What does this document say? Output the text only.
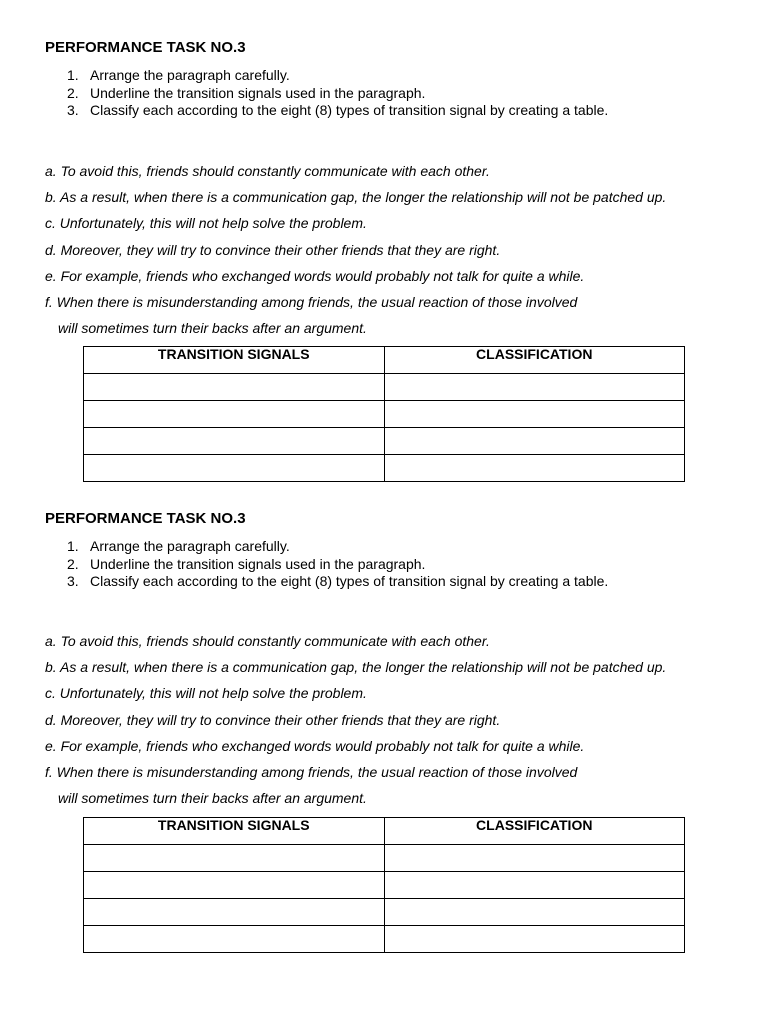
PERFORMANCE TASK NO.3
1. Arrange the paragraph carefully.
2. Underline the transition signals used in the paragraph.
3. Classify each according to the eight (8) types of transition signal by creating a table.
a. To avoid this, friends should constantly communicate with each other.
b. As a result, when there is a communication gap, the longer the relationship will not be patched up.
c. Unfortunately, this will not help solve the problem.
d. Moreover, they will try to convince their other friends that they are right.
e. For example, friends who exchanged words would probably not talk for quite a while.
f. When there is misunderstanding among friends, the usual reaction of those involved
will sometimes turn their backs after an argument.
TRANSITION SIGNALS	CLASSIFICATION

PERFORMANCE TASK NO.3
1. Arrange the paragraph carefully.
2. Underline the transition signals used in the paragraph.
3. Classify each according to the eight (8) types of transition signal by creating a table.
a. To avoid this, friends should constantly communicate with each other.
b. As a result, when there is a communication gap, the longer the relationship will not be patched up.
c. Unfortunately, this will not help solve the problem.
d. Moreover, they will try to convince their other friends that they are right.
e. For example, friends who exchanged words would probably not talk for quite a while.
f. When there is misunderstanding among friends, the usual reaction of those involved
will sometimes turn their backs after an argument.
TRANSITION SIGNALS	CLASSIFICATION
